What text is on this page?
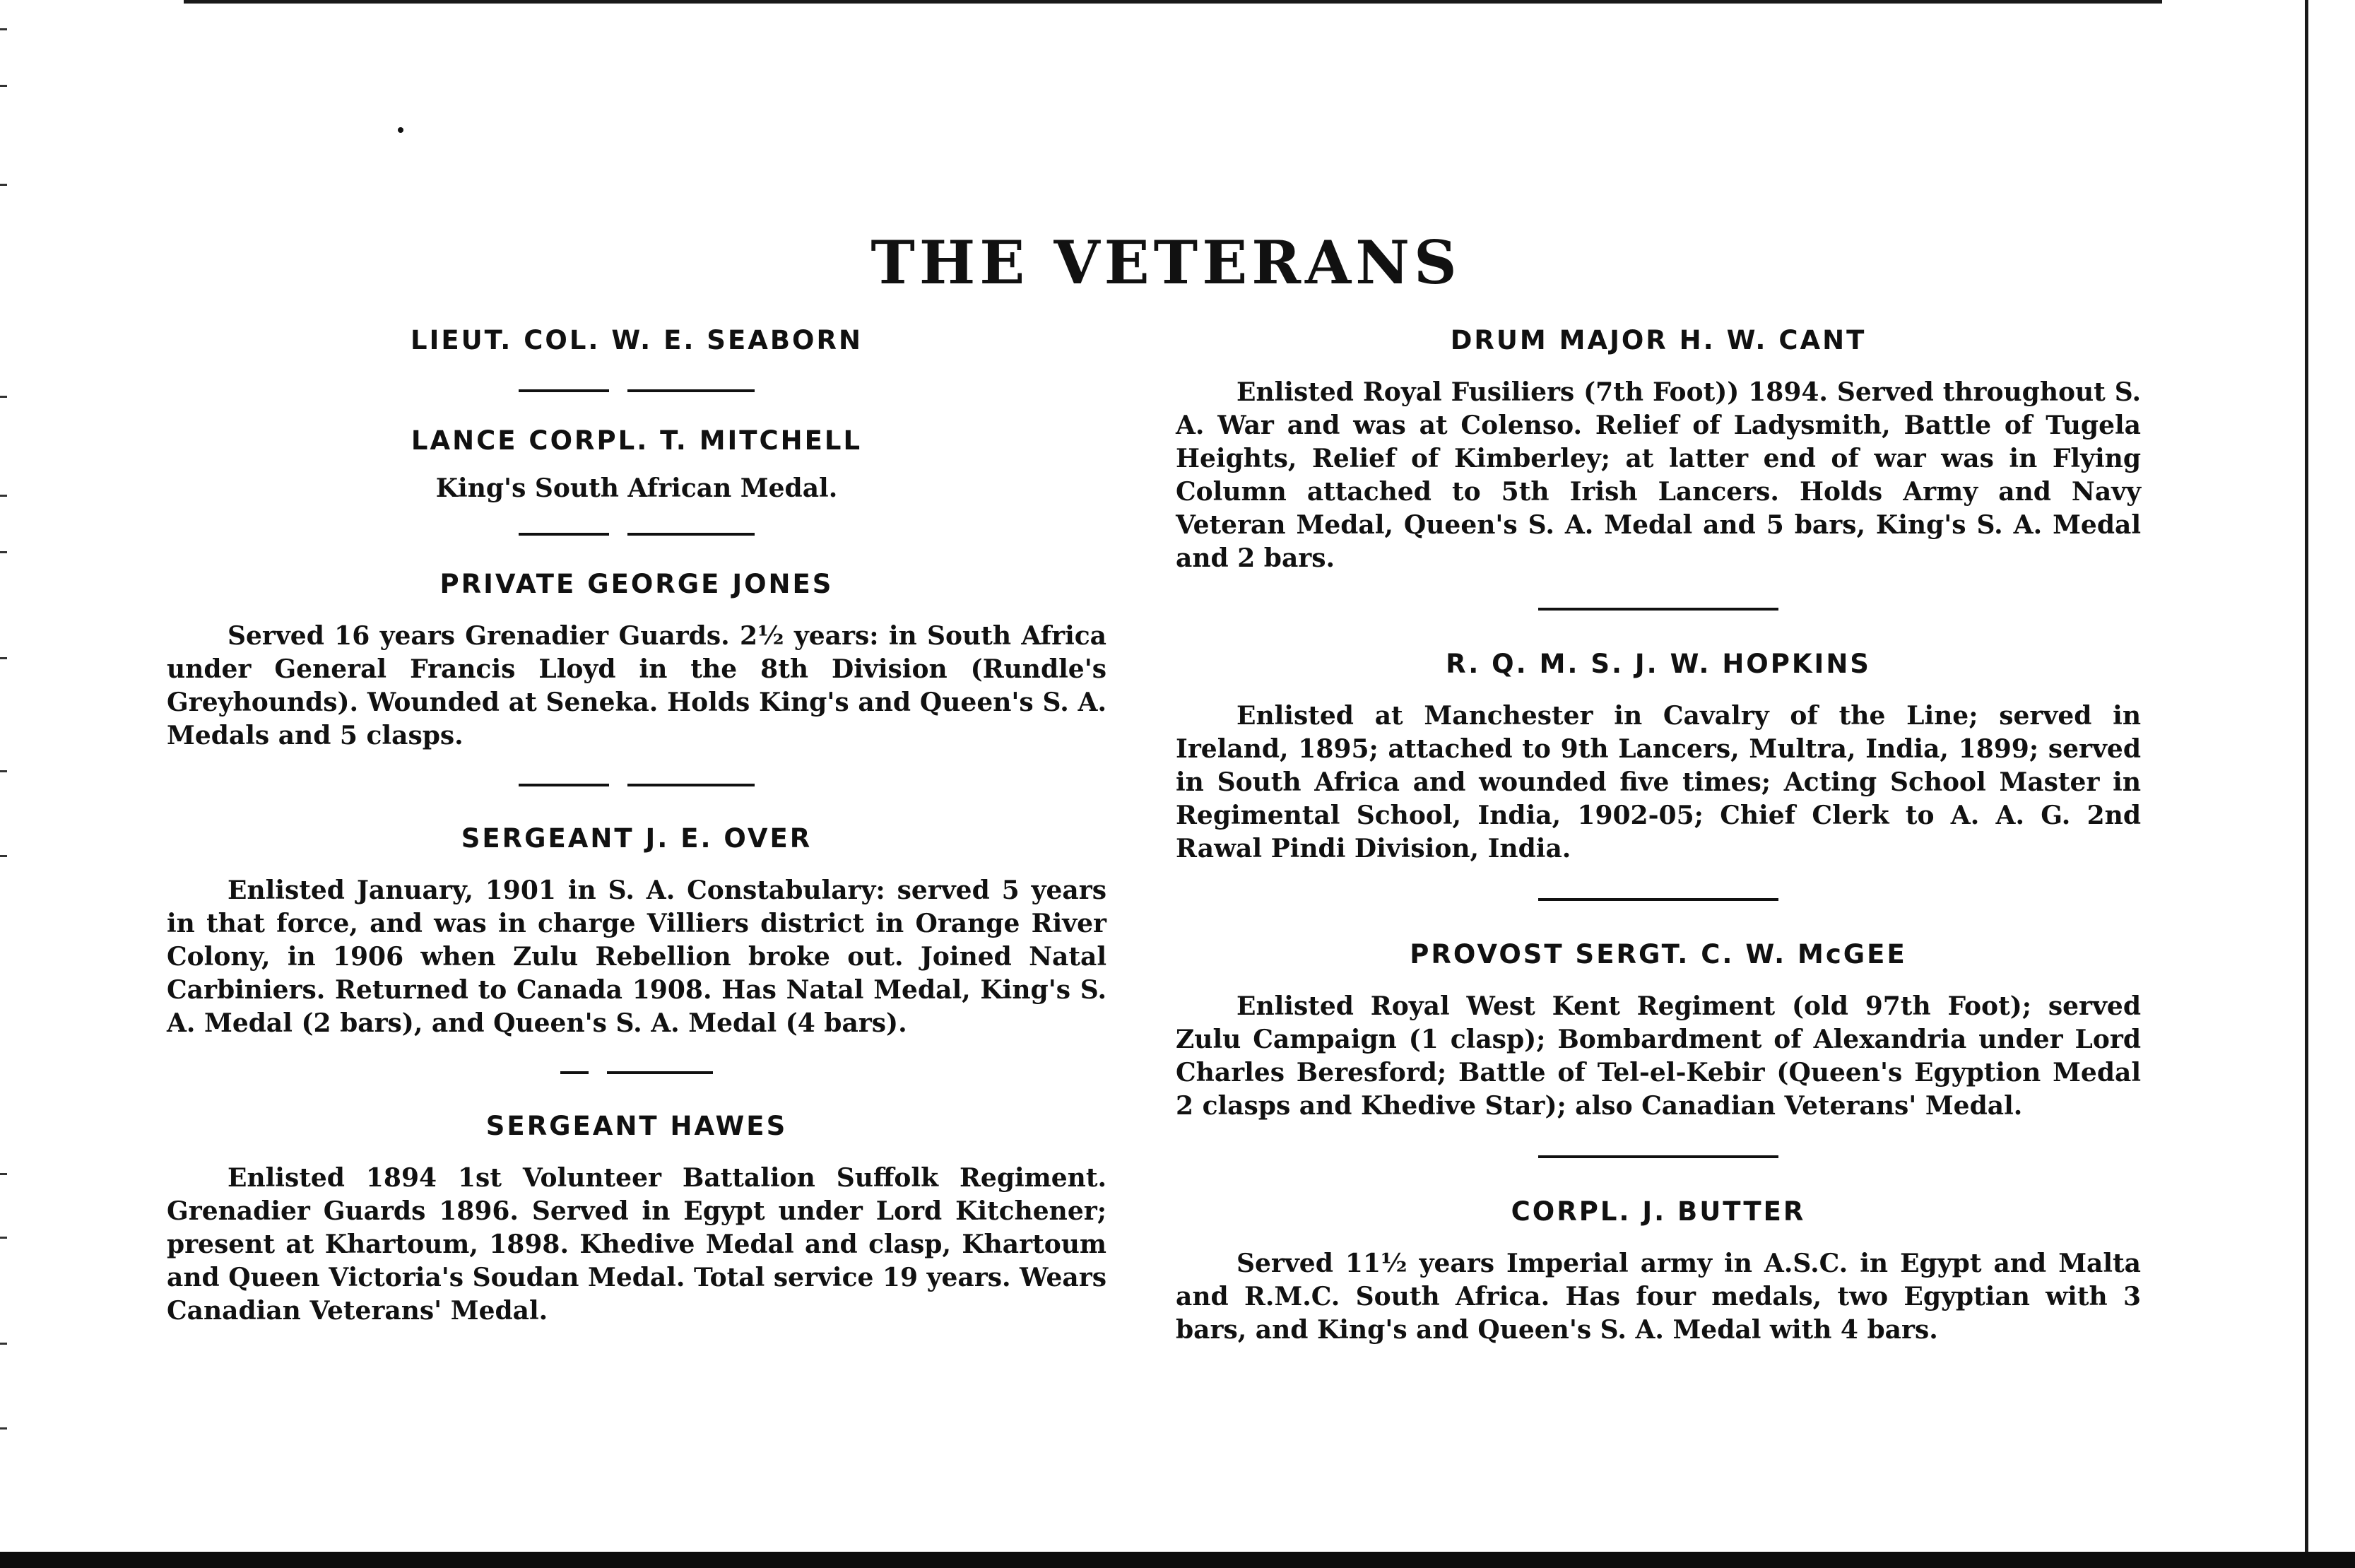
THE VETERANS

LIEUT. COL. W. E. SEABORN

LANCE CORPL. T. MITCHELL

King's South African Medal.

PRIVATE GEORGE JONES

Served 16 years Grenadier Guards. 2½ years: in South Africa under General Francis Lloyd in the 8th Division (Rundle's Greyhounds). Wounded at Seneka. Holds King's and Queen's S. A. Medals and 5 clasps.

SERGEANT J. E. OVER

Enlisted January, 1901 in S. A. Constabulary: served 5 years in that force, and was in charge Villiers district in Orange River Colony, in 1906 when Zulu Rebellion broke out. Joined Natal Carbiniers. Returned to Canada 1908. Has Natal Medal, King's S. A. Medal (2 bars), and Queen's S. A. Medal (4 bars).

SERGEANT HAWES

Enlisted 1894 1st Volunteer Battalion Suffolk Regiment. Grenadier Guards 1896. Served in Egypt under Lord Kitchener; present at Khartoum, 1898. Khedive Medal and clasp, Khartoum and Queen Victoria's Soudan Medal. Total service 19 years. Wears Canadian Veterans' Medal.

DRUM MAJOR H. W. CANT

Enlisted Royal Fusiliers (7th Foot)) 1894. Served throughout S. A. War and was at Colenso. Relief of Ladysmith, Battle of Tugela Heights, Relief of Kimberley; at latter end of war was in Flying Column attached to 5th Irish Lancers. Holds Army and Navy Veteran Medal, Queen's S. A. Medal and 5 bars, King's S. A. Medal and 2 bars.

R. Q. M. S. J. W. HOPKINS

Enlisted at Manchester in Cavalry of the Line; served in Ireland, 1895; attached to 9th Lancers, Multra, India, 1899; served in South Africa and wounded five times; Acting School Master in Regimental School, India, 1902-05; Chief Clerk to A. A. G. 2nd Rawal Pindi Division, India.

PROVOST SERGT. C. W. McGEE

Enlisted Royal West Kent Regiment (old 97th Foot); served Zulu Campaign (1 clasp); Bombardment of Alexandria under Lord Charles Beresford; Battle of Tel-el-Kebir (Queen's Egyption Medal 2 clasps and Khedive Star); also Canadian Veterans' Medal.

CORPL. J. BUTTER

Served 11½ years Imperial army in A.S.C. in Egypt and Malta and R.M.C. South Africa. Has four medals, two Egyptian with 3 bars, and King's and Queen's S. A. Medal with 4 bars.
